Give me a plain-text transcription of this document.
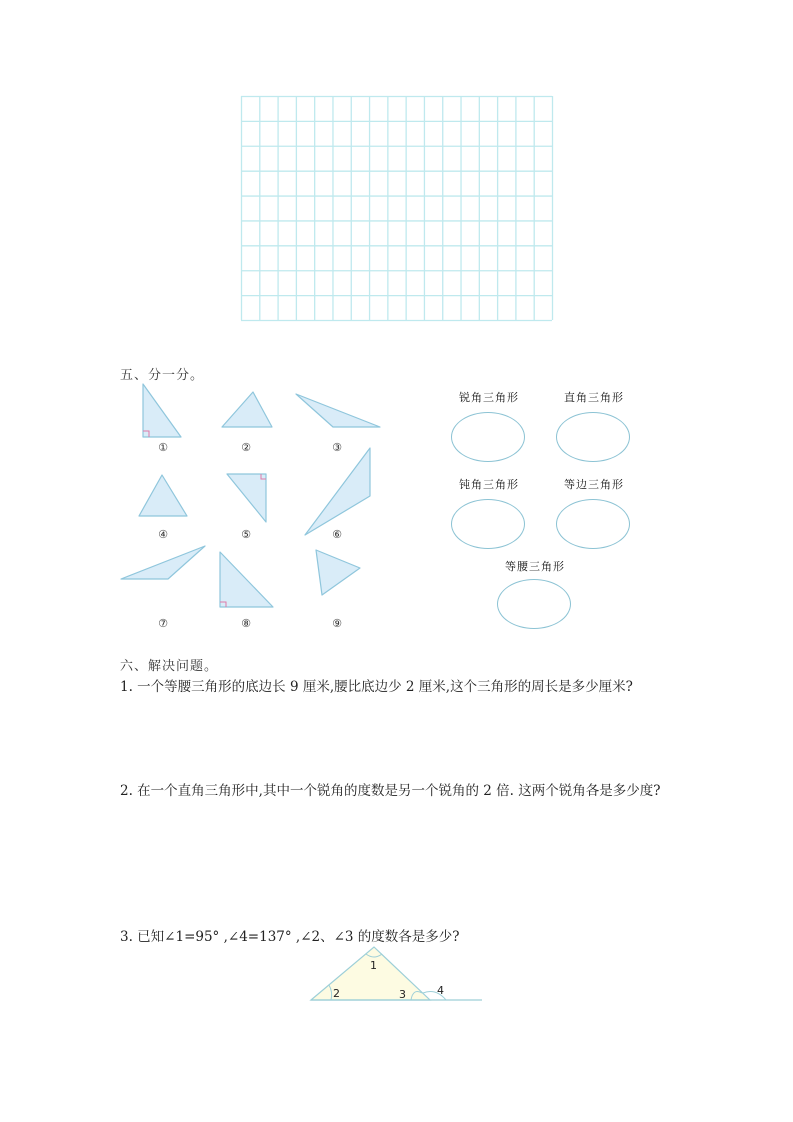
五、分一分。
①	②	③
④	⑤	⑥
⑦	⑧	⑨
锐角三角形	直角三角形
钝角三角形	等边三角形
等腰三角形
六、解决问题。
1. 一个等腰三角形的底边长 9 厘米,腰比底边少 2 厘米,这个三角形的周长是多少厘米?
2. 在一个直角三角形中,其中一个锐角的度数是另一个锐角的 2 倍. 这两个锐角各是多少度?
3. 已知∠1=95° ,∠4=137° ,∠2、∠3 的度数各是多少?
1
2	3	4
